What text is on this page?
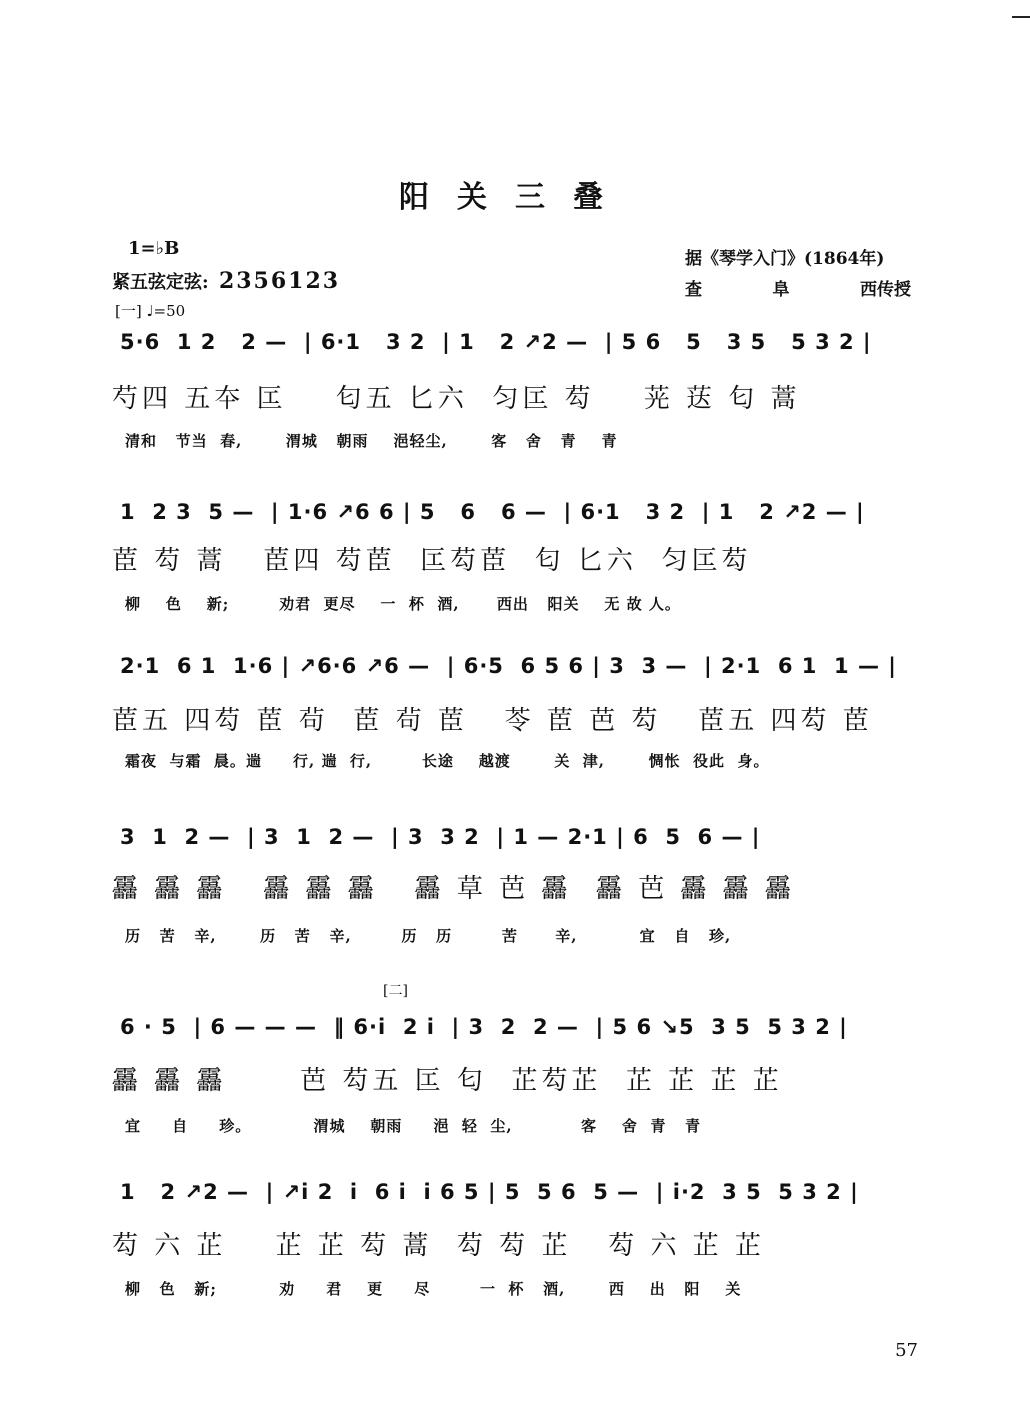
阳关三叠
1=♭B
紧五弦定弦: 2356123
[一] ♩=50
据《琴学入门》(1864年)
查	阜	西传授
5·6  1 2   2 —  | 6·1   3 2  | 1   2 ↗2 —  | 5 6   5   3 5   5 3 2 |
芍四 五夲 匞    匂五 匕六  匀匞 芶    茪 荙 匂 蒿
清和   节当  春,       渭城   朝雨    浥轻尘,       客   舍   青    青
1  2 3  5 —  | 1·6 ↗6 6 | 5   6   6 —  | 6·1   3 2  | 1   2 ↗2 — |
茞 芶 蒿   茞四 芶茞  匞芶茞  匂 匕六  匀匞芶
柳    色    新;        劝君  更尽    一  杯  酒,      西出   阳关    无 故 人。
2·1  6 1  1·6 | ↗6·6 ↗6 —  | 6·5  6 5 6 | 3  3 —  | 2·1  6 1  1 — |
茞五 四芶 茞 茍  茞 茍 茞   苓 茞 芭 芶   茞五 四芶 茞
霜夜  与霜  晨。遄     行, 遄  行,        长途    越渡       关  津,       惆怅  役此  身。
3  1  2 —  | 3  1  2 —  | 3  3 2  | 1 — 2·1 | 6  5  6 — |
靐 靐 靐   靐 靐 靐   靐 草 芭 靐  靐 芭 靐 靐 靐
历   苦   辛,       历   苦   辛,        历   历        苦      辛,          宜   自   珍,
[二]
6 · 5  | 6 — — —  ‖ 6·i  2 i  | 3  2  2 —  | 5 6 ↘5  3 5  5 3 2 |
靐 靐 靐      芭 芶五 匞 匂  芷芶芷  芷 芷 芷 芷
宜     自     珍。          渭城    朝雨     浥  轻  尘,           客    舍  青   青
1   2 ↗2 —  | ↗i 2  i  6 i  i 6 5 | 5  5 6  5 —  | i·2  3 5  5 3 2 |
芶 六 芷    芷 芷 芶 蒿  芶 芶 芷   芶 六 芷 芷
柳   色   新;          劝     君    更     尽        一  杯   酒,       西    出   阳    关
57
